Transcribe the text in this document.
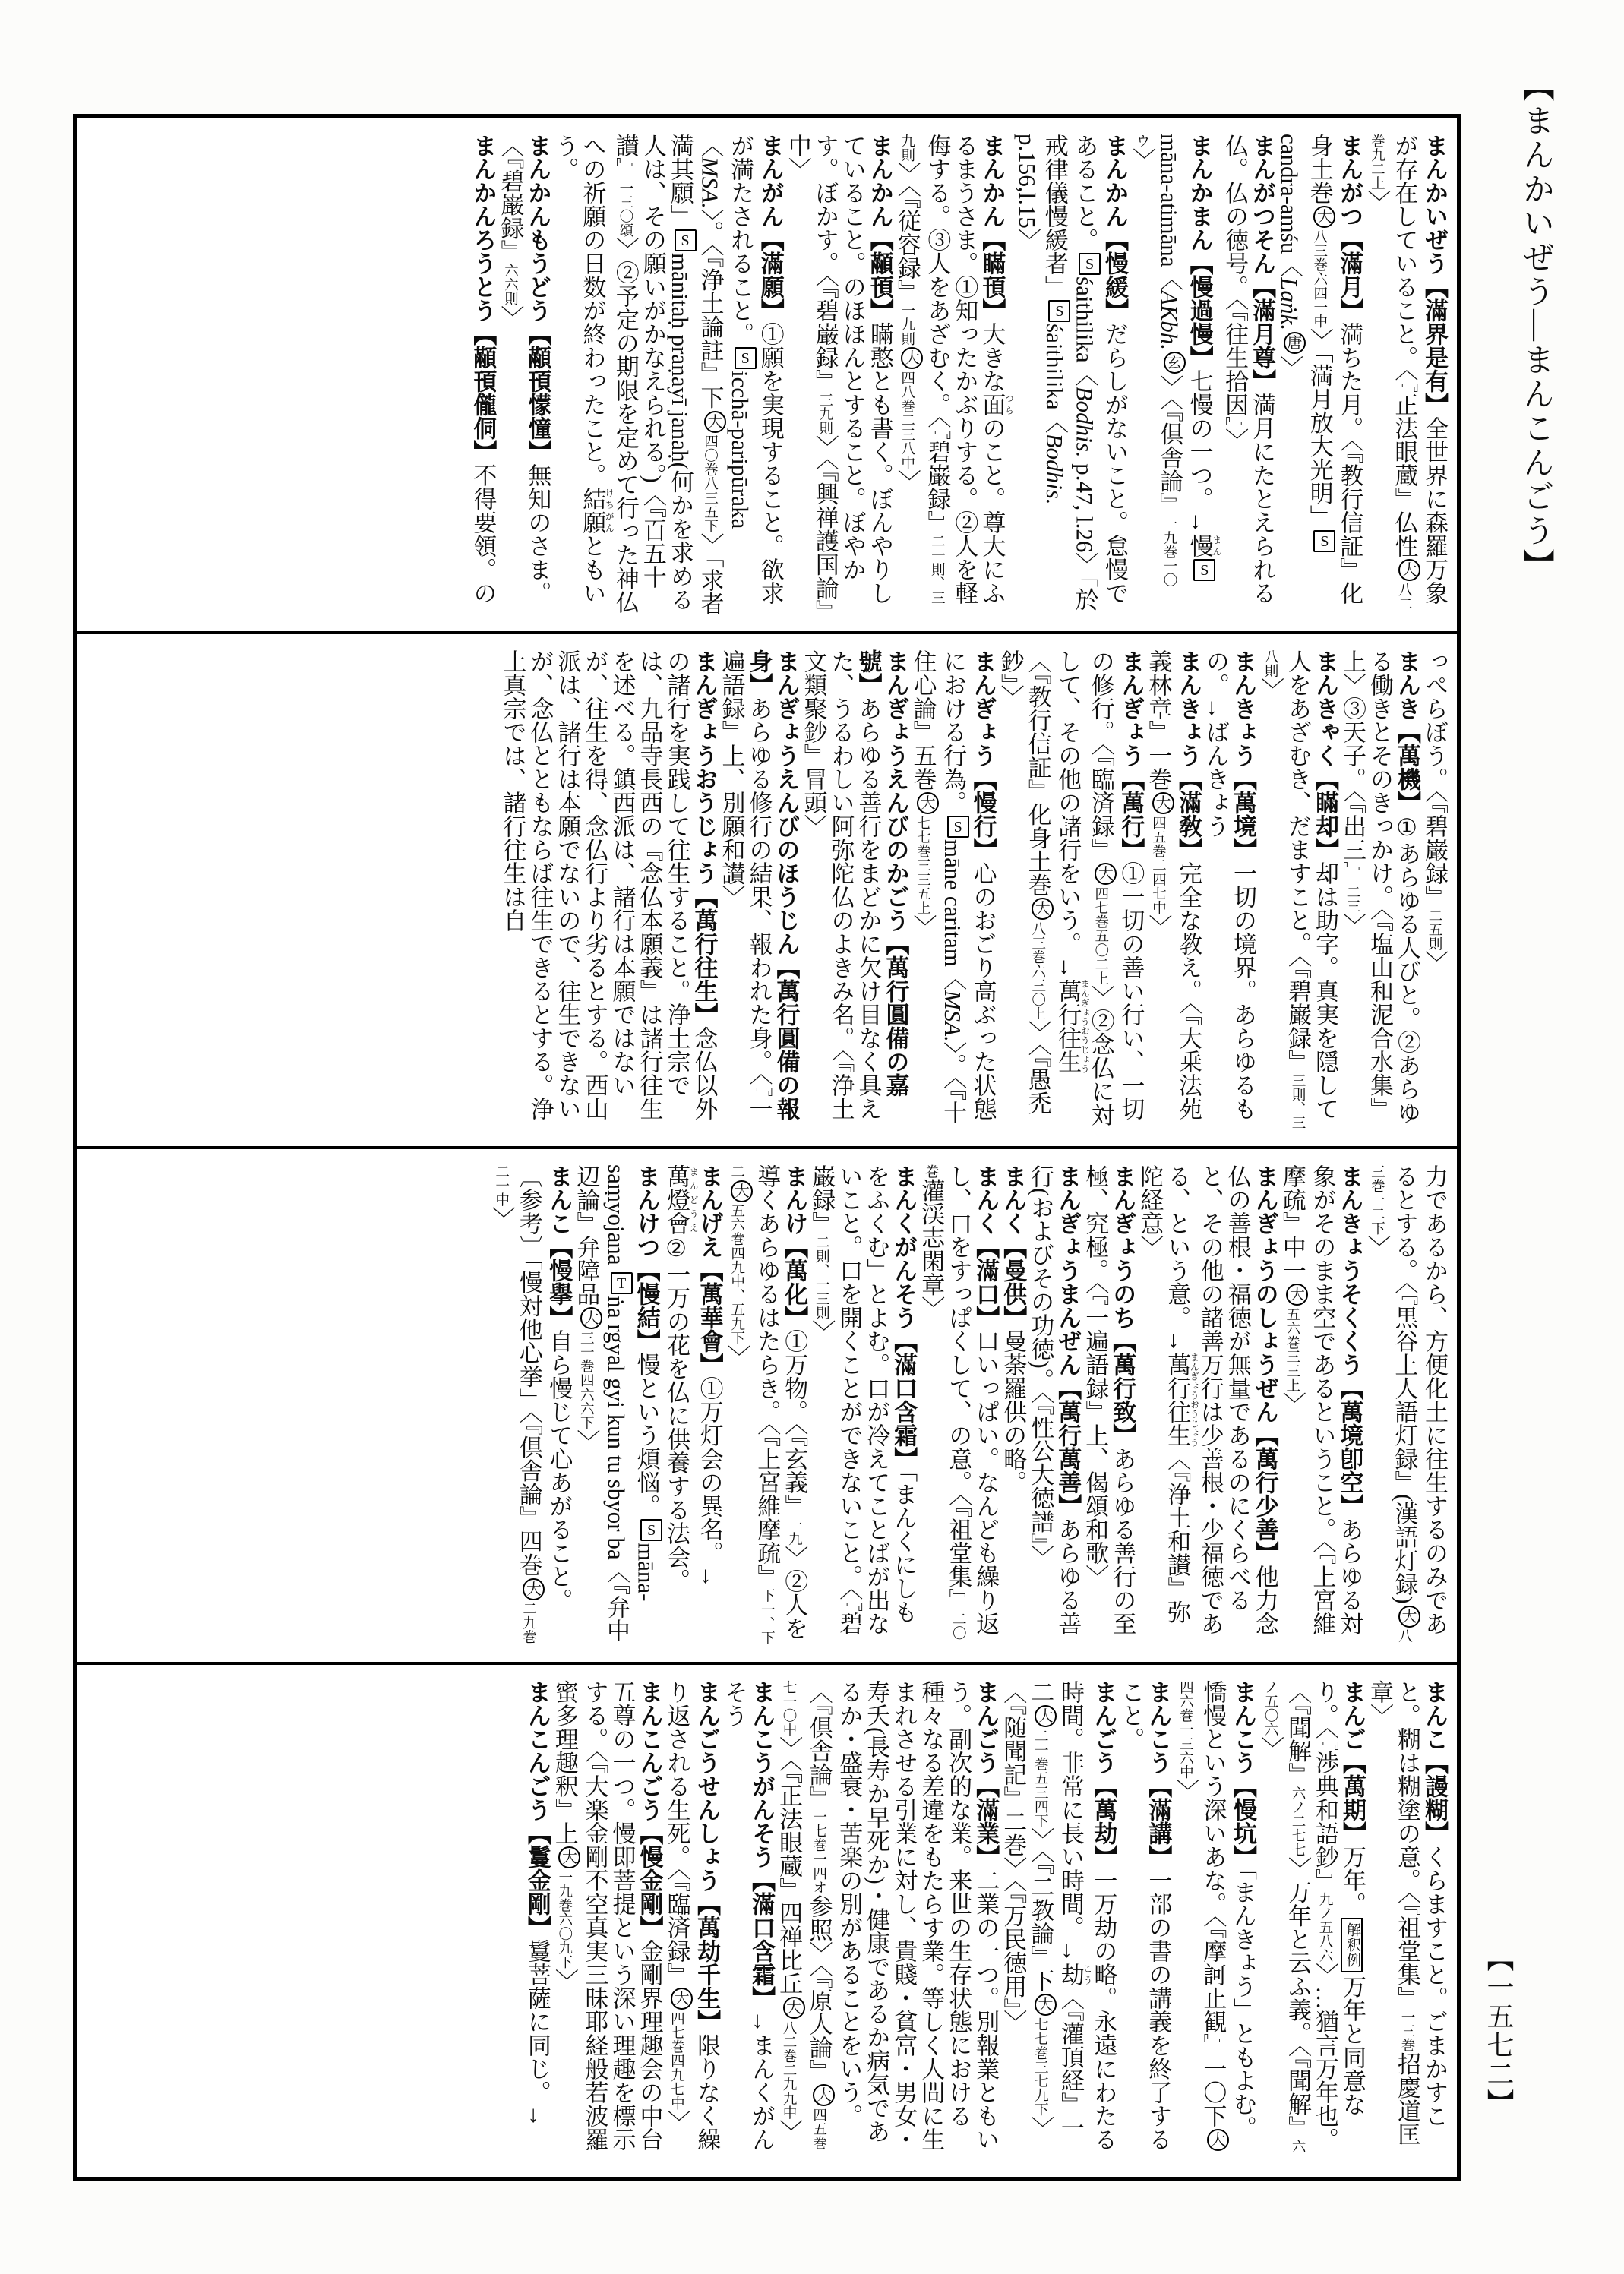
【まんかいぜう―まんこんごう】
【一五七二】
まんかいぜう【滿界是有】全世界に森羅万象が存在していること。〈『正法眼蔵』仏性大八二巻九二上〉
まんがつ【滿月】満ちた月。〈『教行信証』化身土巻大八三巻六四一中〉「満月放大光明」Scandra-amśu〈Laṅk.唐〉
まんがつそん【滿月尊】満月にたとえられる仏。仏の徳号。〈『往生拾因』〉
まんかまん【慢過慢】七慢の一つ。→慢まんSmāna-atimāna〈AKbh.玄〉〈『倶舎論』一九巻一〇ウ〉
まんかん【慢緩】だらしがないこと。怠慢であること。Sśaithilika〈Bodhis. p.47, l.26〉「於戒律儀慢緩者」Sśaithilika〈Bodhis. p.156,l.15〉
まんかん【瞞頇】大きな面つらのこと。尊大にふるまうさま。①知ったかぶりする。②人を軽侮する。③人をあざむく。〈『碧巌録』二一則、三九則〉〈『従容録』一九則大四八巻二三八中〉
まんかん【顢頇】瞞憨とも書く。ぼんやりしていること。のほほんとすること。ぼやかす。ぼかす。〈『碧巌録』三九則〉〈『興禅護国論』中〉
まんがん【滿願】①願を実現すること。欲求が満たされること。Sicchā-paripūraka〈MSA.〉。〈『浄土論註』下大四〇巻八三五下〉「求者満其願」Smānitaḥ praṇayī janaḥ(何かを求める人は、その願いがかなえられる。)〈『百五十讃』一三〇頌〉②予定の期限を定めて行った神仏への祈願の日数が終わったこと。結願けちがんともいう。
まんかんもうどう【顢頇懞憧】無知のさま。〈『碧巌録』六六則〉
まんかんろうとう【顢頇儱侗】不得要領。の
っぺらぼう。〈『碧巌録』二五則〉
まんき【萬機】①あらゆる人びと。②あらゆる働きとそのきっかけ。〈『塩山和泥合水集』上〉③天子。〈『出三』二三〉
まんきゃく【瞞却】却は助字。真実を隠して人をあざむき、だますこと。〈『碧巌録』三則、三八則〉
まんきょう【萬境】一切の境界。あらゆるもの。→ばんきょう
まんきょう【滿敎】完全な教え。〈『大乗法苑義林章』一巻大四五巻二四七中〉
まんぎょう【萬行】①一切の善い行い、一切の修行。〈『臨済録』大四七巻五〇二上〉②念仏に対して、その他の諸行をいう。→萬行往生まんぎょうおうじょう〈『教行信証』化身土巻大八三巻六三〇上〉〈『愚禿鈔』〉
まんぎょう【慢行】心のおごり高ぶった状態における行為。Smāne caritam〈MSA.〉。〈『十住心論』五巻大七七巻三三五上〉
まんぎょうえんびのかごう【萬行圓備の嘉號】あらゆる善行をまどかに欠け目なく具えた、うるわしい阿弥陀仏のよきみ名。〈『浄土文類聚鈔』冒頭〉
まんぎょうえんびのほうじん【萬行圓備の報身】あらゆる修行の結果、報われた身。〈『一遍語録』上、別願和讃〉
まんぎょうおうじょう【萬行往生】念仏以外の諸行を実践して往生すること。浄土宗では、九品寺長西の『念仏本願義』は諸行往生を述べる。鎮西派は、諸行は本願ではないが、往生を得、念仏行より劣るとする。西山派は、諸行は本願でないので、往生できないが、念仏とともならば往生できるとする。浄土真宗では、諸行往生は自
力であるから、方便化土に往生するのみであるとする。〈『黒谷上人語灯録』(漢語灯録)大八三巻一二下〉
まんきょうそくくう【萬境卽空】あらゆる対象がそのまま空であるということ。〈『上宮維摩疏』中一大五六巻三三上〉
まんぎょうのしょうぜん【萬行少善】他力念仏の善根・福徳が無量であるのにくらべると、その他の諸善万行は少善根・少福徳である、という意。→萬行往生まんぎょうおうじょう〈『浄土和讃』弥陀経意〉
まんぎょうのち【萬行致】あらゆる善行の至極、究極。〈『一遍語録』上、偈頌和歌〉
まんぎょうまんぜん【萬行萬善】あらゆる善行(およびその功徳)。〈『性公大徳譜』〉
まんく【曼供】曼荼羅供の略。
まんく【滿口】口いっぱい。なんども繰り返し、口をすっぱくして、の意。〈『祖堂集』二〇巻灌渓志閑章〉
まんくがんそう【滿口含霜】「まんくにしもをふくむ」とよむ。口が冷えてことばが出ないこと。口を開くことができないこと。〈『碧巌録』二則、一三則〉
まんけ【萬化】①万物。〈『玄義』一九〉②人を導くあらゆるはたらき。〈『上宮維摩疏』下一、下二大五六巻四九中、五九下〉
まんげえ【萬華會】①万灯会の異名。→萬燈會まんどうえ②一万の花を仏に供養する法会。
まんけつ【慢結】慢という煩悩。Smāna-saṃyojana Tṅa rgyal gyi kun tu sbyor ba〈『弁中辺論』弁障品大三一巻四六六下〉
まんこ【慢擧】自ら慢じて心あがること。〔参考〕「慢対他心挙」〈『倶舎論』四巻大二九巻二一中〉
まんこ【謾糊】くらますこと。ごまかすこと。糊は糊塗の意。〈『祖堂集』一三巻招慶道匡章〉
まんご【萬期】万年。解釈例万年と同意なり。〈『渉典和語鈔』九ノ五八六〉…猶言万年也。〈『聞解』六ノ二七七〉万年と云ふ義。〈『聞解』六ノ五〇六〉
まんこう【慢坑】「まんきょう」ともよむ。憍慢という深いあな。〈『摩訶止観』一〇下大四六巻一三六中〉
まんこう【滿講】一部の書の講義を終了すること。
まんごう【萬劫】一万劫の略。永遠にわたる時間。非常に長い時間。→劫こう〈『灌頂経』一二大二一巻五三四下〉〈『二教論』下大七七巻三七九下〉〈『随聞記』二巻〉〈『万民徳用』〉
まんごう【滿業】二業の一つ。別報業ともいう。副次的な業。来世の生存状態における種々なる差違をもたらす業。等しく人間に生まれさせる引業に対し、貴賤・貧富・男女・寿夭(長寿か早死か)・健康であるか病気であるか・盛衰・苦楽の別があることをいう。〈『倶舎論』一七巻一四オ参照〉〈『原人論』大四五巻七一〇中〉〈『正法眼蔵』四禅比丘大八二巻二九九中〉
まんこうがんそう【滿口含霜】→まんくがんそう
まんごうせんしょう【萬劫千生】限りなく繰り返される生死。〈『臨済録』大四七巻四九七中〉
まんこんごう【慢金剛】金剛界理趣会の中台五尊の一つ。慢即菩提という深い理趣を標示する。〈『大楽金剛不空真実三昧耶経般若波羅蜜多理趣釈』上大一九巻六〇九下〉
まんこんごう【鬘金剛】鬘菩薩に同じ。→
